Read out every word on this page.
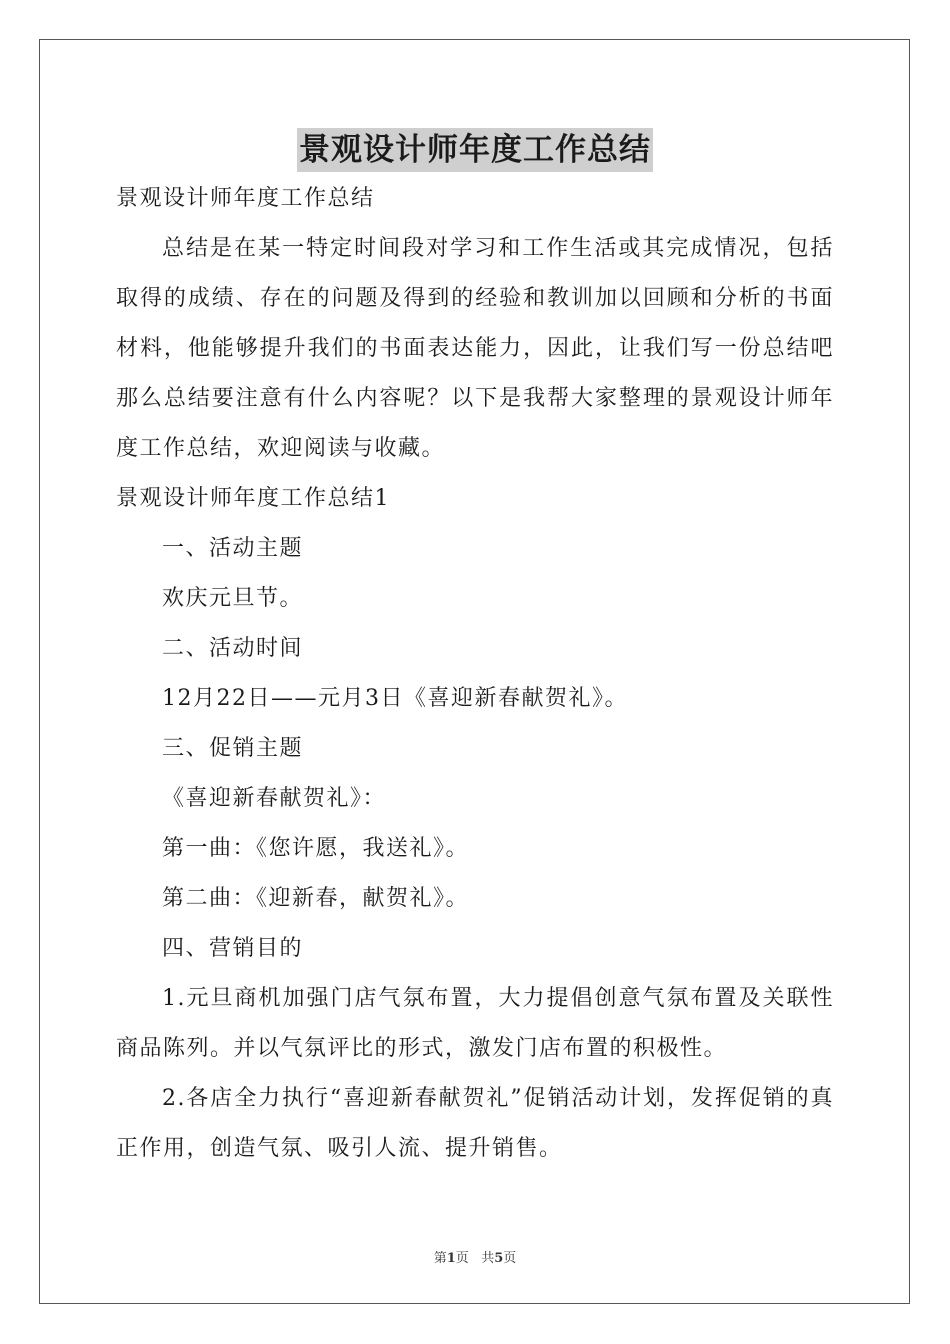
景观设计师年度工作总结

景观设计师年度工作总结

总结是在某一特定时间段对学习和工作生活或其完成情况，包括取得的成绩、存在的问题及得到的经验和教训加以回顾和分析的书面材料，他能够提升我们的书面表达能力，因此，让我们写一份总结吧那么总结要注意有什么内容呢？以下是我帮大家整理的景观设计师年度工作总结，欢迎阅读与收藏。

景观设计师年度工作总结1

一、活动主题

欢庆元旦节。

二、活动时间

12月22日——元月3日《喜迎新春献贺礼》。

三、促销主题

《喜迎新春献贺礼》：

第一曲：《您许愿，我送礼》。

第二曲：《迎新春，献贺礼》。

四、营销目的

1.元旦商机加强门店气氛布置，大力提倡创意气氛布置及关联性商品陈列。并以气氛评比的形式，激发门店布置的积极性。

2.各店全力执行“喜迎新春献贺礼”促销活动计划，发挥促销的真正作用，创造气氛、吸引人流、提升销售。

第1页 共5页
